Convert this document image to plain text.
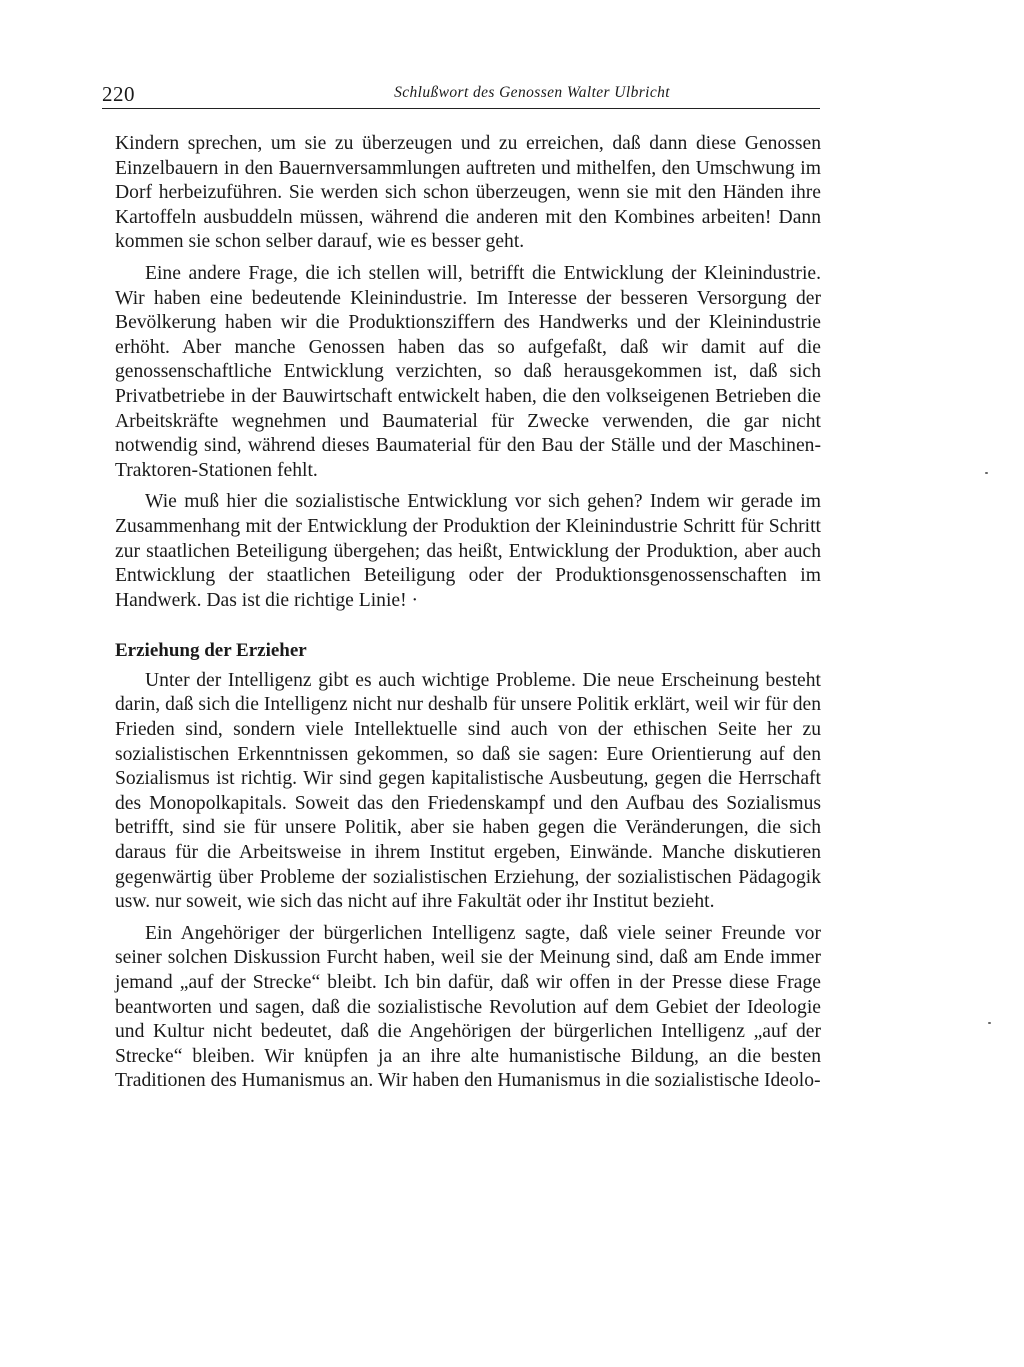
220	Schlußwort des Genossen Walter Ulbricht

Kindern sprechen, um sie zu überzeugen und zu erreichen, daß dann diese Genossen Einzelbauern in den Bauernversammlungen auftreten und mithelfen, den Umschwung im Dorf herbeizuführen. Sie werden sich schon überzeugen, wenn sie mit den Händen ihre Kartoffeln ausbuddeln müssen, während die anderen mit den Kombines arbeiten! Dann kommen sie schon selber darauf, wie es besser geht.

Eine andere Frage, die ich stellen will, betrifft die Entwicklung der Kleinindustrie. Wir haben eine bedeutende Kleinindustrie. Im Interesse der besseren Versorgung der Bevölkerung haben wir die Produktionsziffern des Handwerks und der Kleinindustrie erhöht. Aber manche Genossen haben das so aufgefaßt, daß wir damit auf die genossenschaftliche Entwicklung verzichten, so daß herausgekommen ist, daß sich Privatbetriebe in der Bauwirtschaft entwickelt haben, die den volkseigenen Betrieben die Arbeitskräfte wegnehmen und Baumaterial für Zwecke verwenden, die gar nicht notwendig sind, während dieses Baumaterial für den Bau der Ställe und der Maschinen-Traktoren-Stationen fehlt.

Wie muß hier die sozialistische Entwicklung vor sich gehen? Indem wir gerade im Zusammenhang mit der Entwicklung der Produktion der Kleinindustrie Schritt für Schritt zur staatlichen Beteiligung übergehen; das heißt, Entwicklung der Produktion, aber auch Entwicklung der staatlichen Beteiligung oder der Produktionsgenossenschaften im Handwerk. Das ist die richtige Linie! ·

Erziehung der Erzieher

Unter der Intelligenz gibt es auch wichtige Probleme. Die neue Erscheinung besteht darin, daß sich die Intelligenz nicht nur deshalb für unsere Politik erklärt, weil wir für den Frieden sind, sondern viele Intellektuelle sind auch von der ethischen Seite her zu sozialistischen Erkenntnissen gekommen, so daß sie sagen: Eure Orientierung auf den Sozialismus ist richtig. Wir sind gegen kapitalistische Ausbeutung, gegen die Herrschaft des Monopolkapitals. Soweit das den Friedenskampf und den Aufbau des Sozialismus betrifft, sind sie für unsere Politik, aber sie haben gegen die Veränderungen, die sich daraus für die Arbeitsweise in ihrem Institut ergeben, Einwände. Manche diskutieren gegenwärtig über Probleme der sozialistischen Erziehung, der sozialistischen Pädagogik usw. nur soweit, wie sich das nicht auf ihre Fakultät oder ihr Institut bezieht.

Ein Angehöriger der bürgerlichen Intelligenz sagte, daß viele seiner Freunde vor seiner solchen Diskussion Furcht haben, weil sie der Meinung sind, daß am Ende immer jemand „auf der Strecke“ bleibt. Ich bin dafür, daß wir offen in der Presse diese Frage beantworten und sagen, daß die sozialistische Revolution auf dem Gebiet der Ideologie und Kultur nicht bedeutet, daß die Angehörigen der bürgerlichen Intelligenz „auf der Strecke“ bleiben. Wir knüpfen ja an ihre alte humanistische Bildung, an die besten Traditionen des Humanismus an. Wir haben den Humanismus in die sozialistische Ideolo-
